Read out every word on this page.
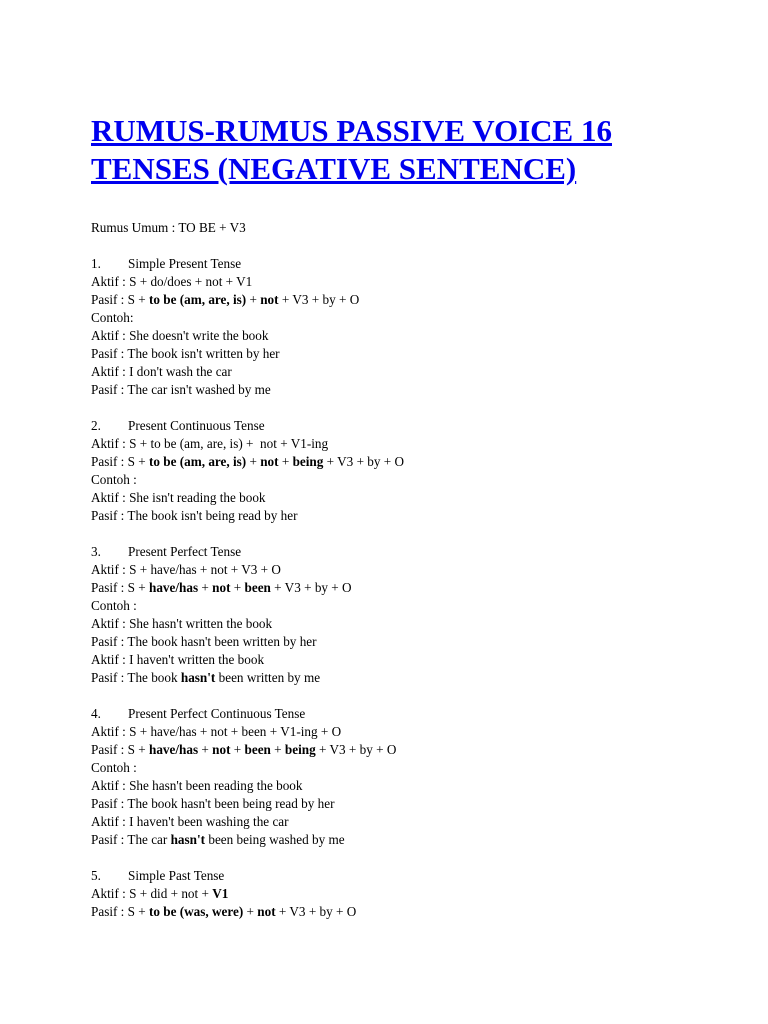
RUMUS-RUMUS PASSIVE VOICE 16
TENSES (NEGATIVE SENTENCE)
Rumus Umum : TO BE + V3
1. Simple Present Tense
Aktif : S + do/does + not + V1
Pasif : S + to be (am, are, is) + not + V3 + by + O
Contoh:
Aktif : She doesn't write the book
Pasif : The book isn't written by her
Aktif : I don't wash the car
Pasif : The car isn't washed by me
2. Present Continuous Tense
Aktif : S + to be (am, are, is) +  not + V1-ing
Pasif : S + to be (am, are, is) + not + being + V3 + by + O
Contoh :
Aktif : She isn't reading the book
Pasif : The book isn't being read by her
3. Present Perfect Tense
Aktif : S + have/has + not + V3 + O
Pasif : S + have/has + not + been + V3 + by + O
Contoh :
Aktif : She hasn't written the book
Pasif : The book hasn't been written by her
Aktif : I haven't written the book
Pasif : The book hasn't been written by me
4. Present Perfect Continuous Tense
Aktif : S + have/has + not + been + V1-ing + O
Pasif : S + have/has + not + been + being + V3 + by + O
Contoh :
Aktif : She hasn't been reading the book
Pasif : The book hasn't been being read by her
Aktif : I haven't been washing the car
Pasif : The car hasn't been being washed by me
5. Simple Past Tense
Aktif : S + did + not + V1
Pasif : S + to be (was, were) + not + V3 + by + O
